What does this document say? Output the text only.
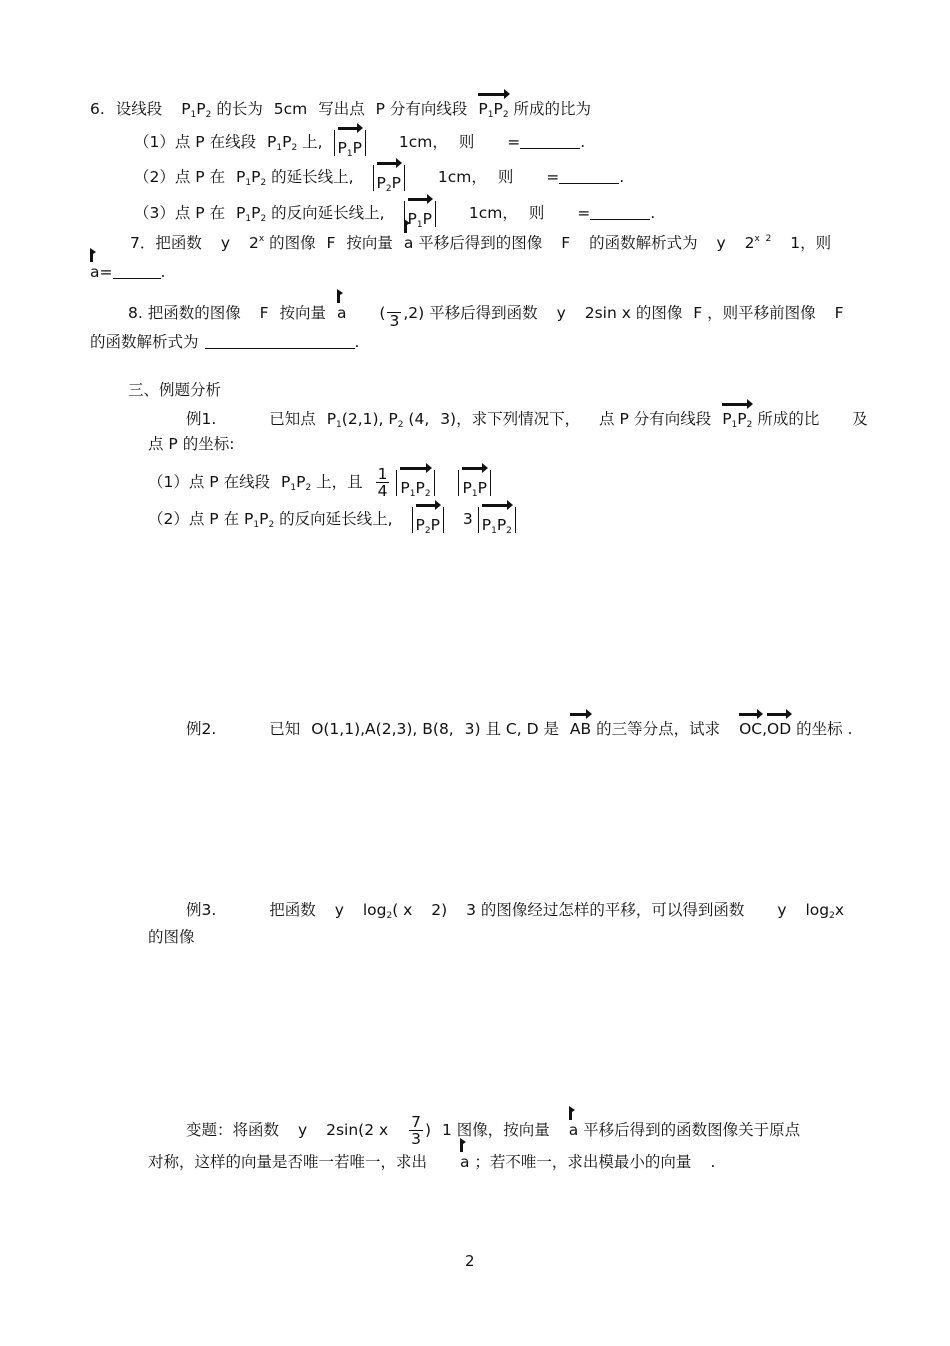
6. 设线段 $P_1P_2$ 的长为 5cm 写出点 P 分有向线段 $P_1P_2$ 所成的比为
（1）点 P 在线段 $P_1P_2$ 上, $P_1P$ 1cm， 则 =	.
（2）点 P 在 $P_1P_2$ 的延长线上, $P_2P$ 1cm， 则 =	.
（3）点 P 在 $P_1P_2$ 的反向延长线上, $P_1P$ 1cm， 则 =	.
7．把函数 y 2$^x$ 的图像 F 按向量 a 平移后得到的图像 F 的函数解析式为 y $2^{x 2}$ 1，则
a=	.
8. 把函数的图像 F 按向量 a (
3 ,2) 平移后得到函数 y 2sin x 的图像 F ，则平移前图像 F
的函数解析式为	.
三、例题分析
例1.	已知点 $P_1(2,1)$, $P_2$ (4, 3)，求下列情况下， 点 P 分有向线段 $P_1P_2$ 所成的比 及
点 P 的坐标:
（1）点 P 在线段 $P_1P_2$ 上，且 $\frac{1}{4} P_1P_2$ $P_1P$
（2）点 P 在 $P_1P_2$ 的反向延长线上, $P_2P$ 3 $P_1P_2$
例2.	已知 O(1,1),A(2,3), B(8, 3) 且 C, D 是 AB 的三等分点，试求 OC,OD 的坐标 .
例3.	把函数 y $\log_2$( x 2) 3 的图像经过怎样的平移，可以得到函数 y $\log_2x$
的图像
变题：将函数 y 2sin(2 x $\frac{7}{3}$ ) 1 图像，按向量 a 平移后得到的函数图像关于原点
对称，这样的向量是否唯一若唯一，求出 a ；若不唯一，求出模最小的向量 .
2
